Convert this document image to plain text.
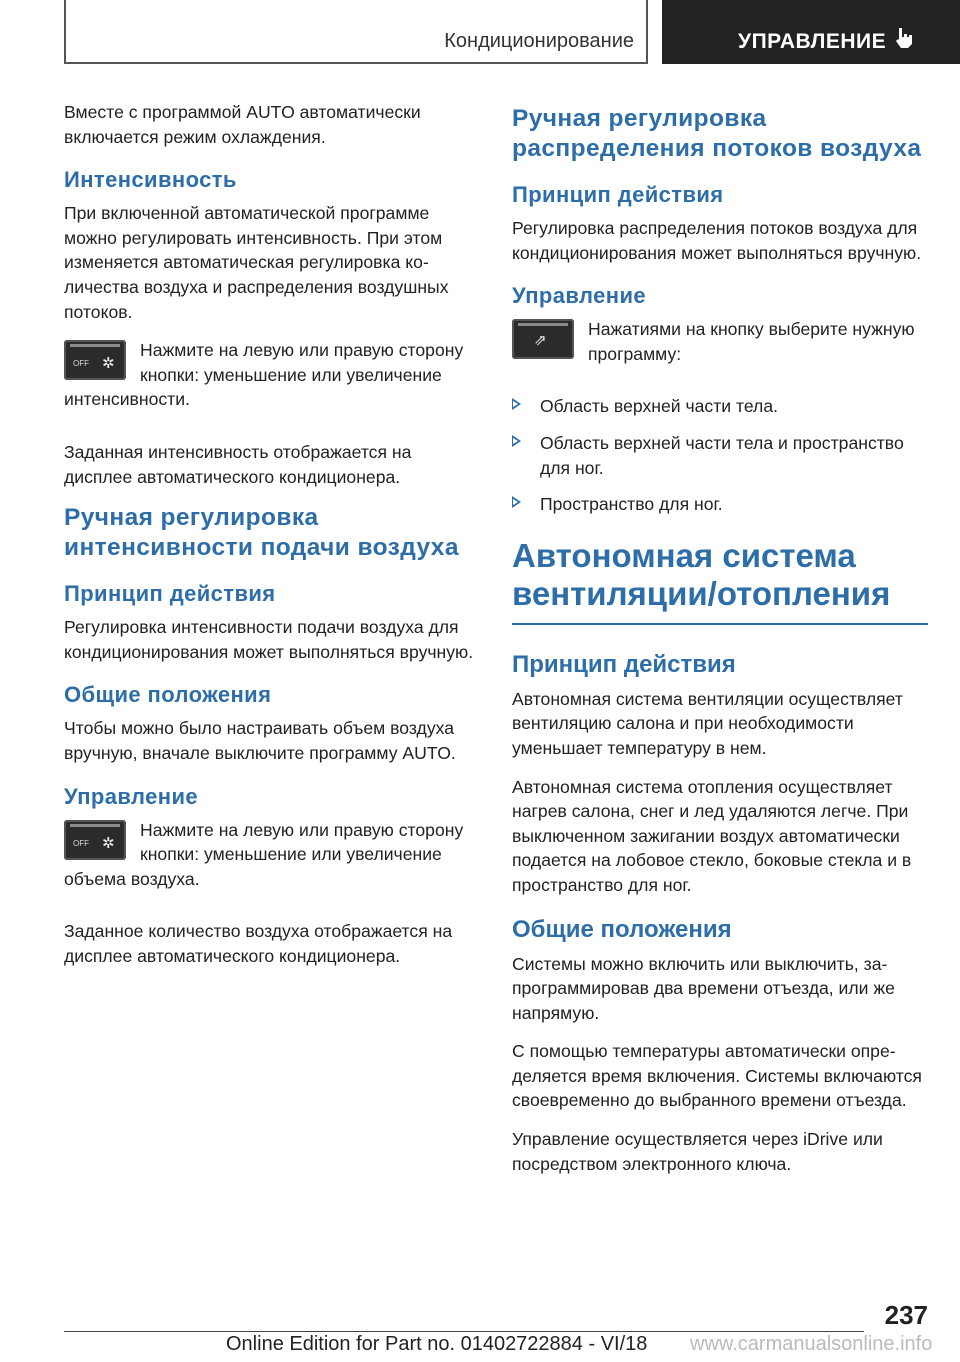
Кондиционирование	УПРАВЛЕНИЕ

Вместе с программой AUTO автоматически включается режим охлаждения.

Интенсивность

При включенной автоматической программе можно регулировать интенсивность. При этом изменяется автоматическая регулировка количества воздуха и распределения воздушных потоков.

OFF ✲

Нажмите на левую или правую сторону кнопки: уменьшение или увеличение интенсивности.

Заданная интенсивность отображается на дисплее автоматического кондиционера.

Ручная регулировка интенсивности подачи воздуха
Принцип действия

Регулировка интенсивности подачи воздуха для кондиционирования может выполняться вручную.

Общие положения

Чтобы можно было настраивать объем воздуха вручную, вначале выключите программу AUTO.

Управление
OFF ✲

Нажмите на левую или правую сторону кнопки: уменьшение или увеличение объема воздуха.

Заданное количество воздуха отображается на дисплее автоматического кондиционера.

Ручная регулировка распределения потоков воздуха
Принцип действия

Регулировка распределения потоков воздуха для кондиционирования может выполняться вручную.

Управление
⇗

Нажатиями на кнопку выберите нужную программу:

Область верхней части тела.
Область верхней части тела и пространство для ног.
Пространство для ног.
Автономная система вентиляции/отопления
Принцип действия

Автономная система вентиляции осуществляет вентиляцию салона и при необходимости уменьшает температуру в нем.

Автономная система отопления осуществляет нагрев салона, снег и лед удаляются легче. При выключенном зажигании воздух автоматически подается на лобовое стекло, боковые стекла и в пространство для ног.

Общие положения

Системы можно включить или выключить, запрограммировав два времени отъезда, или же напрямую.

С помощью температуры автоматически определяется время включения. Системы включаются своевременно до выбранного времени отъезда.

Управление осуществляется через iDrive или посредством электронного ключа.

237
Online Edition for Part no. 01402722884 - VI/18 www.carmanualsonline.info
